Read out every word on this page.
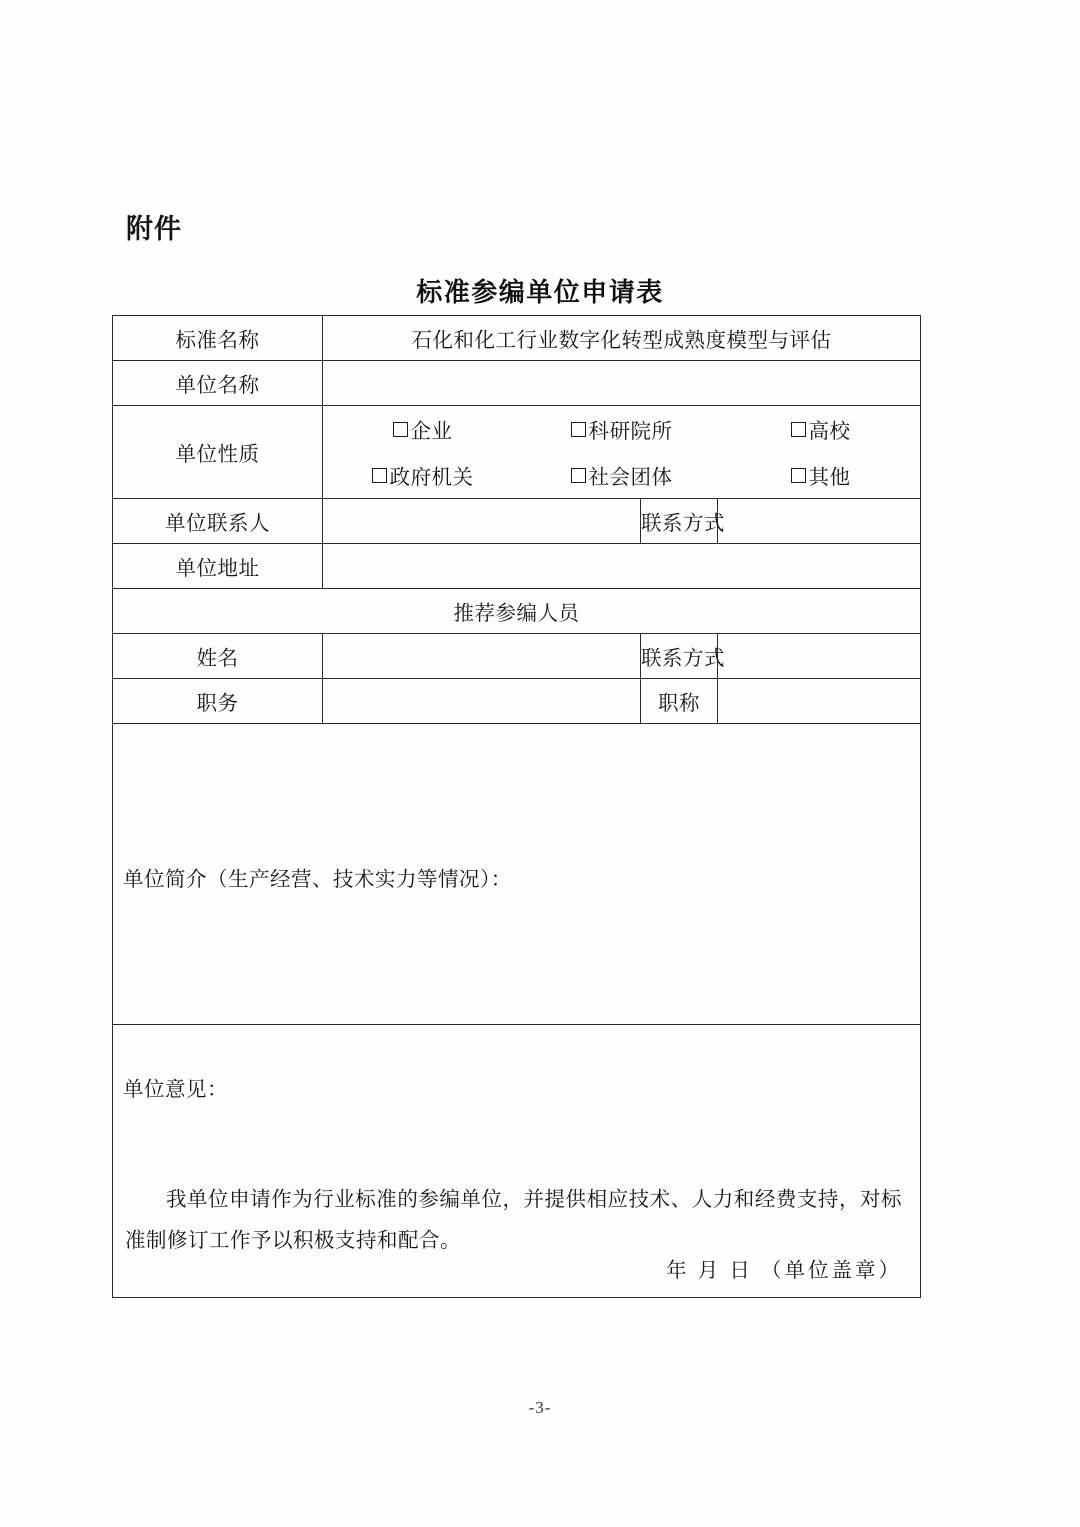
附件
标准参编单位申请表
标准名称	石化和化工行业数字化转型成熟度模型与评估		
单位名称			
单位性质	
企业	科研院所	高校
政府机关	社会团体	其他

单位联系人		联系方式	
单位地址			
推荐参编人员			
姓名		联系方式	
职务		职称	

单位简介（生产经营、技术实力等情况）：			

单位意见：
我单位申请作为行业标准的参编单位，并提供相应技术、人力和经费支持，对标准制修订工作予以积极支持和配合。
年 月 日 （单位盖章）			
-3-
